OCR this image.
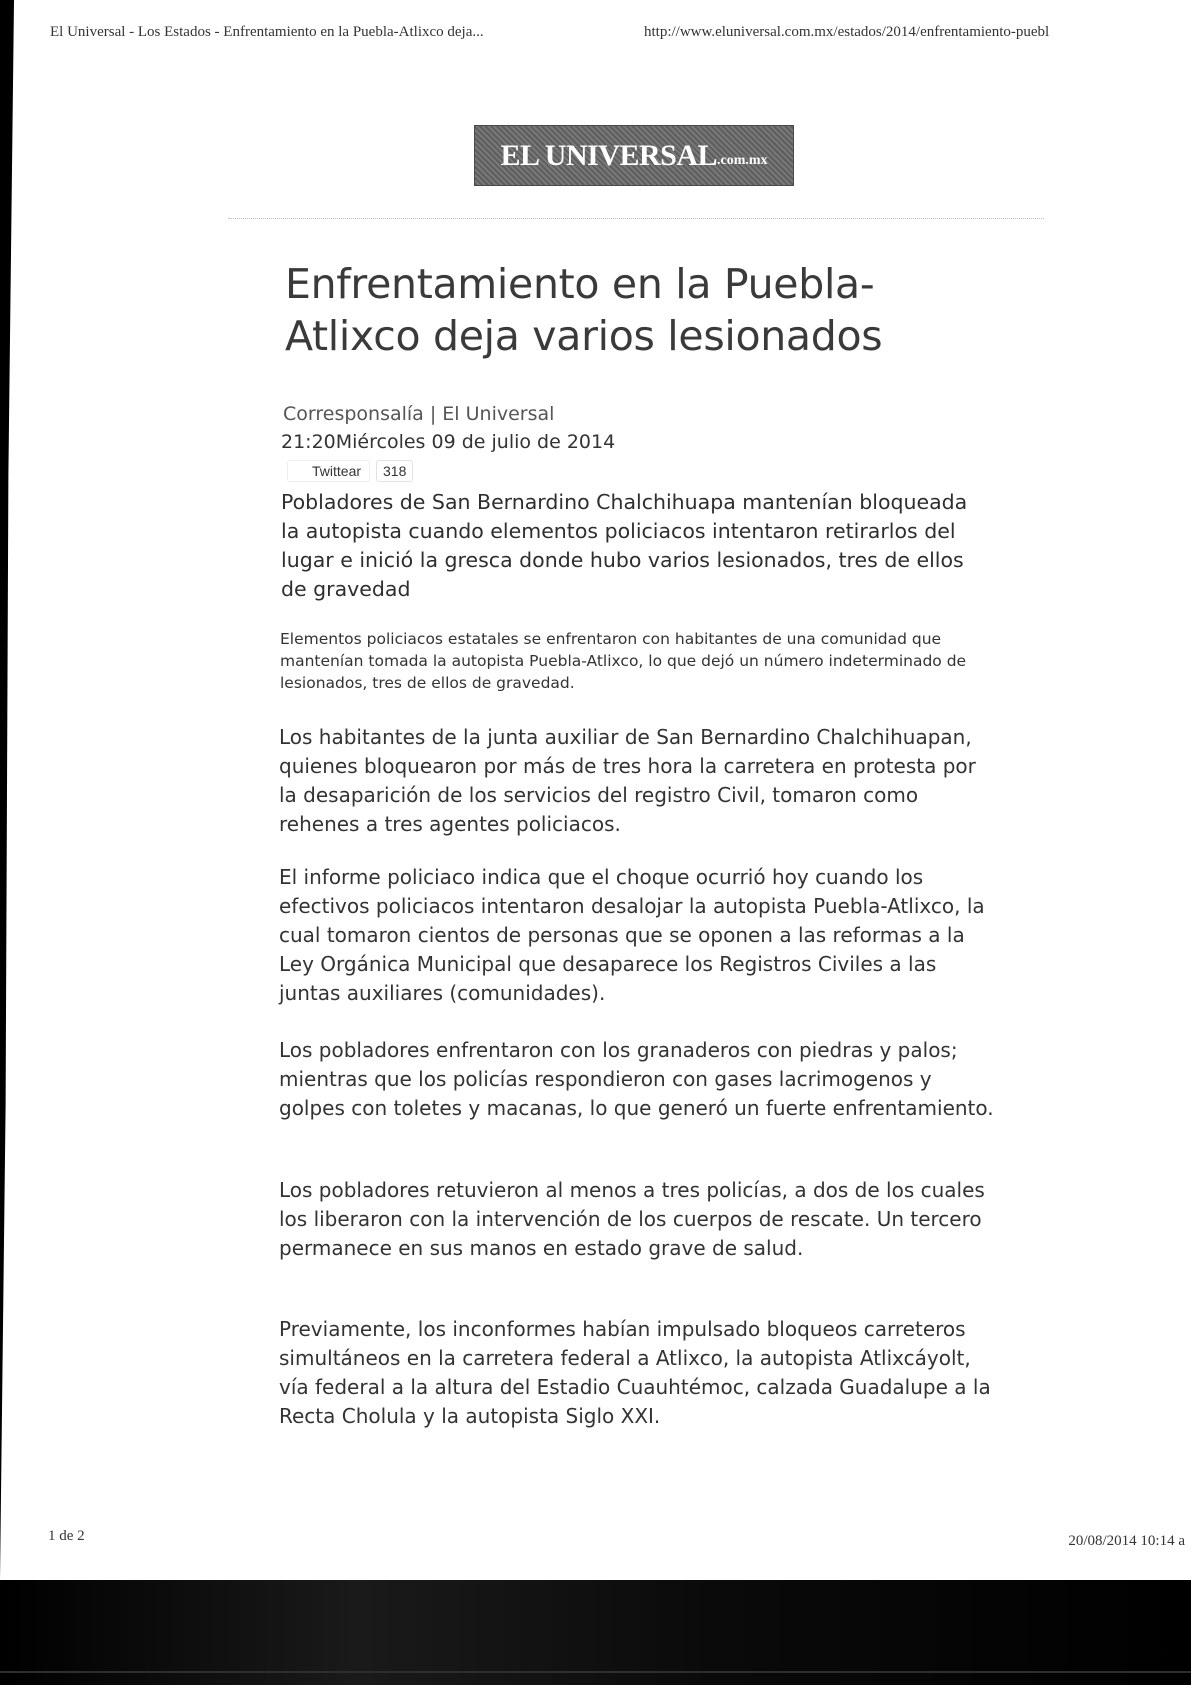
El Universal - Los Estados - Enfrentamiento en la Puebla-Atlixco deja...	http://www.eluniversal.com.mx/estados/2014/enfrentamiento-puebl
EL UNIVERSAL .com.mx
Enfrentamiento en la Puebla-Atlixco deja varios lesionados
Corresponsalía | El Universal
21:20Miércoles 09 de julio de 2014
Twittear	318

Pobladores de San Bernardino Chalchihuapa mantenían bloqueada la autopista cuando elementos policiacos intentaron retirarlos del lugar e inició la gresca donde hubo varios lesionados, tres de ellos de gravedad

Elementos policiacos estatales se enfrentaron con habitantes de una comunidad que mantenían tomada la autopista Puebla-Atlixco, lo que dejó un número indeterminado de lesionados, tres de ellos de gravedad.

Los habitantes de la junta auxiliar de San Bernardino Chalchihuapan, quienes bloquearon por más de tres hora la carretera en protesta por la desaparición de los servicios del registro Civil, tomaron como rehenes a tres agentes policiacos.

El informe policiaco indica que el choque ocurrió hoy cuando los efectivos policiacos intentaron desalojar la autopista Puebla-Atlixco, la cual tomaron cientos de personas que se oponen a las reformas a la Ley Orgánica Municipal que desaparece los Registros Civiles a las juntas auxiliares (comunidades).

Los pobladores enfrentaron con los granaderos con piedras y palos; mientras que los policías respondieron con gases lacrimogenos y golpes con toletes y macanas, lo que generó un fuerte enfrentamiento.

Los pobladores retuvieron al menos a tres policías, a dos de los cuales los liberaron con la intervención de los cuerpos de rescate. Un tercero permanece en sus manos en estado grave de salud.

Previamente, los inconformes habían impulsado bloqueos carreteros simultáneos en la carretera federal a Atlixco, la autopista Atlixcáyolt, vía federal a la altura del Estadio Cuauhtémoc, calzada Guadalupe a la Recta Cholula y la autopista Siglo XXI.

1 de 2	20/08/2014 10:14 a
